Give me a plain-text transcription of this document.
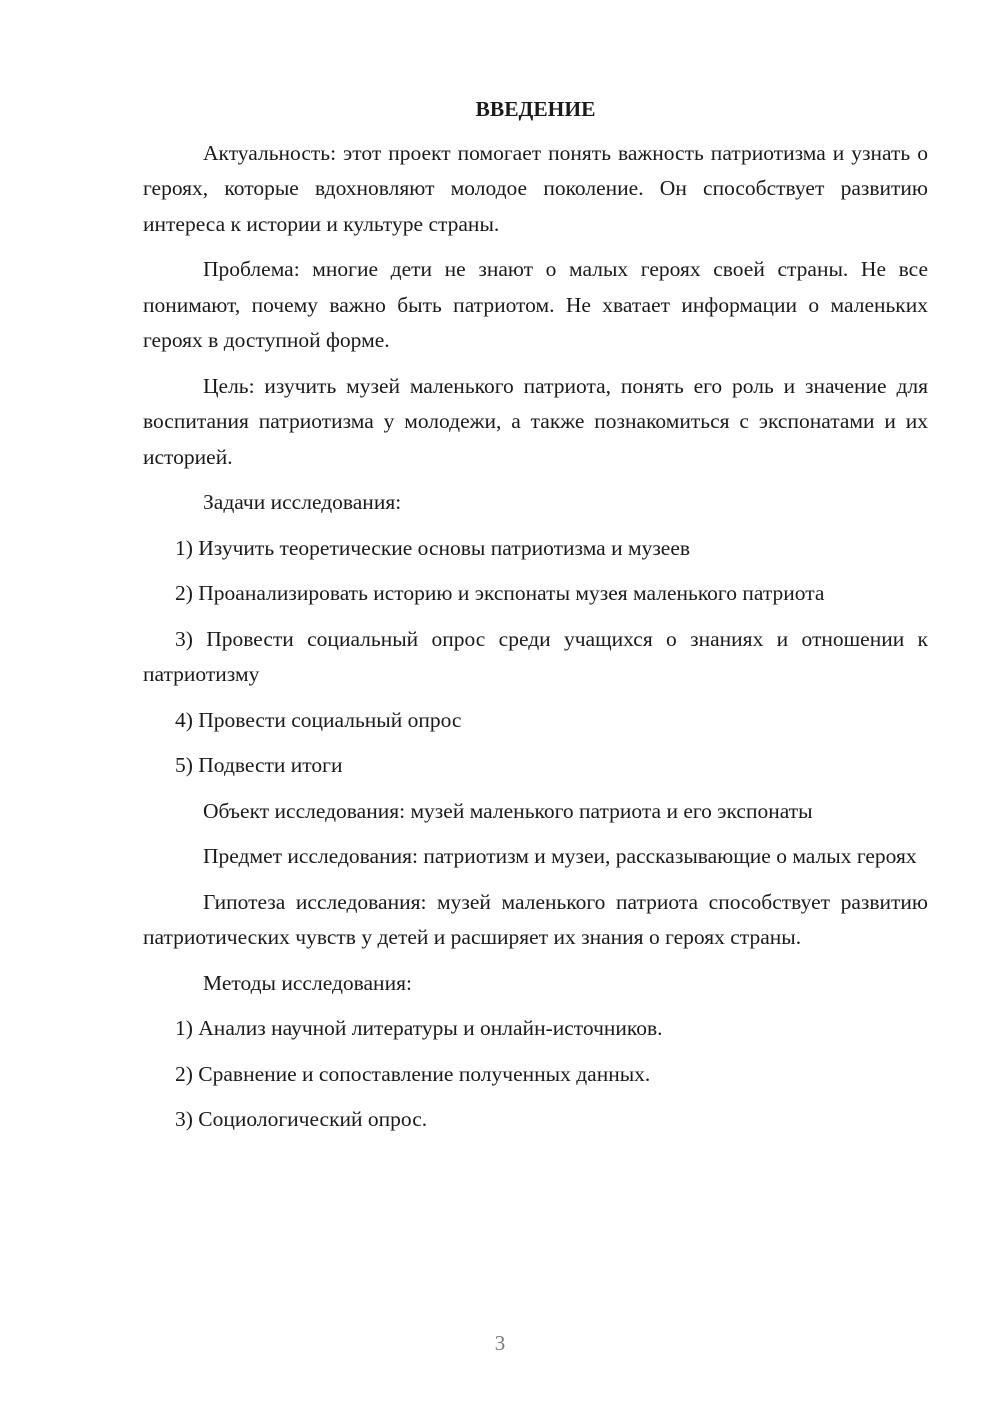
ВВЕДЕНИЕ

Актуальность: этот проект помогает понять важность патриотизма и узнать о героях, которые вдохновляют молодое поколение. Он способствует развитию интереса к истории и культуре страны.

Проблема: многие дети не знают о малых героях своей страны. Не все понимают, почему важно быть патриотом. Не хватает информации о маленьких героях в доступной форме.

Цель: изучить музей маленького патриота, понять его роль и значение для воспитания патриотизма у молодежи, а также познакомиться с экспонатами и их историей.

Задачи исследования:

1) Изучить теоретические основы патриотизма и музеев

2) Проанализировать историю и экспонаты музея маленького патриота

3) Провести социальный опрос среди учащихся о знаниях и отношении к патриотизму

4) Провести социальный опрос

5) Подвести итоги

Объект исследования: музей маленького патриота и его экспонаты

Предмет исследования: патриотизм и музеи, рассказывающие о малых героях

Гипотеза исследования: музей маленького патриота способствует развитию патриотических чувств у детей и расширяет их знания о героях страны.

Методы исследования:

1) Анализ научной литературы и онлайн-источников.

2) Сравнение и сопоставление полученных данных.

3) Социологический опрос.

3
